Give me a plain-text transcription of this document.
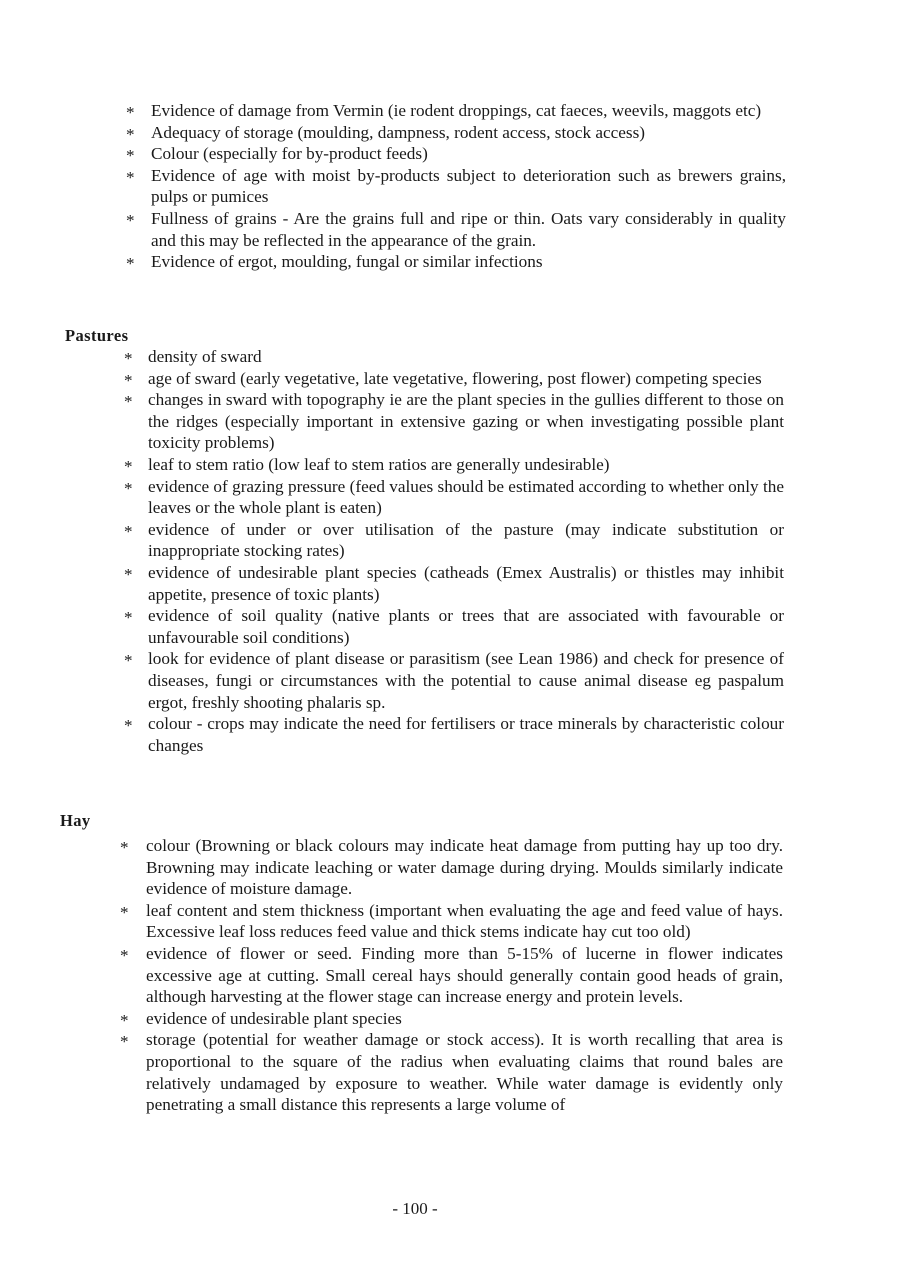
* Evidence of damage from Vermin (ie rodent droppings, cat faeces, weevils, maggots etc)
* Adequacy of storage (moulding, dampness, rodent access, stock access)
* Colour (especially for by-product feeds)
* Evidence of age with moist by-products subject to deterioration such as brewers grains, pulps or pumices
* Fullness of grains - Are the grains full and ripe or thin. Oats vary considerably in quality and this may be reflected in the appearance of the grain.
* Evidence of ergot, moulding, fungal or similar infections
Pastures
* density of sward
* age of sward (early vegetative, late vegetative, flowering, post flower) competing species
* changes in sward with topography ie are the plant species in the gullies different to those on the ridges (especially important in extensive gazing or when investigating possible plant toxicity problems)
* leaf to stem ratio (low leaf to stem ratios are generally undesirable)
* evidence of grazing pressure (feed values should be estimated according to whether only the leaves or the whole plant is eaten)
* evidence of under or over utilisation of the pasture (may indicate substitution or inappropriate stocking rates)
* evidence of undesirable plant species (catheads (Emex Australis) or thistles may inhibit appetite, presence of toxic plants)
* evidence of soil quality (native plants or trees that are associated with favourable or unfavourable soil conditions)
* look for evidence of plant disease or parasitism (see Lean 1986) and check for presence of diseases, fungi or circumstances with the potential to cause animal disease eg paspalum ergot, freshly shooting phalaris sp.
* colour - crops may indicate the need for fertilisers or trace minerals by characteristic colour changes
Hay
* colour (Browning or black colours may indicate heat damage from putting hay up too dry. Browning may indicate leaching or water damage during drying. Moulds similarly indicate evidence of moisture damage.
* leaf content and stem thickness (important when evaluating the age and feed value of hays. Excessive leaf loss reduces feed value and thick stems indicate hay cut too old)
* evidence of flower or seed. Finding more than 5-15% of lucerne in flower indicates excessive age at cutting. Small cereal hays should generally contain good heads of grain, although harvesting at the flower stage can increase energy and protein levels.
* evidence of undesirable plant species
* storage (potential for weather damage or stock access). It is worth recalling that area is proportional to the square of the radius when evaluating claims that round bales are relatively undamaged by exposure to weather. While water damage is evidently only penetrating a small distance this represents a large volume of
- 100 -
